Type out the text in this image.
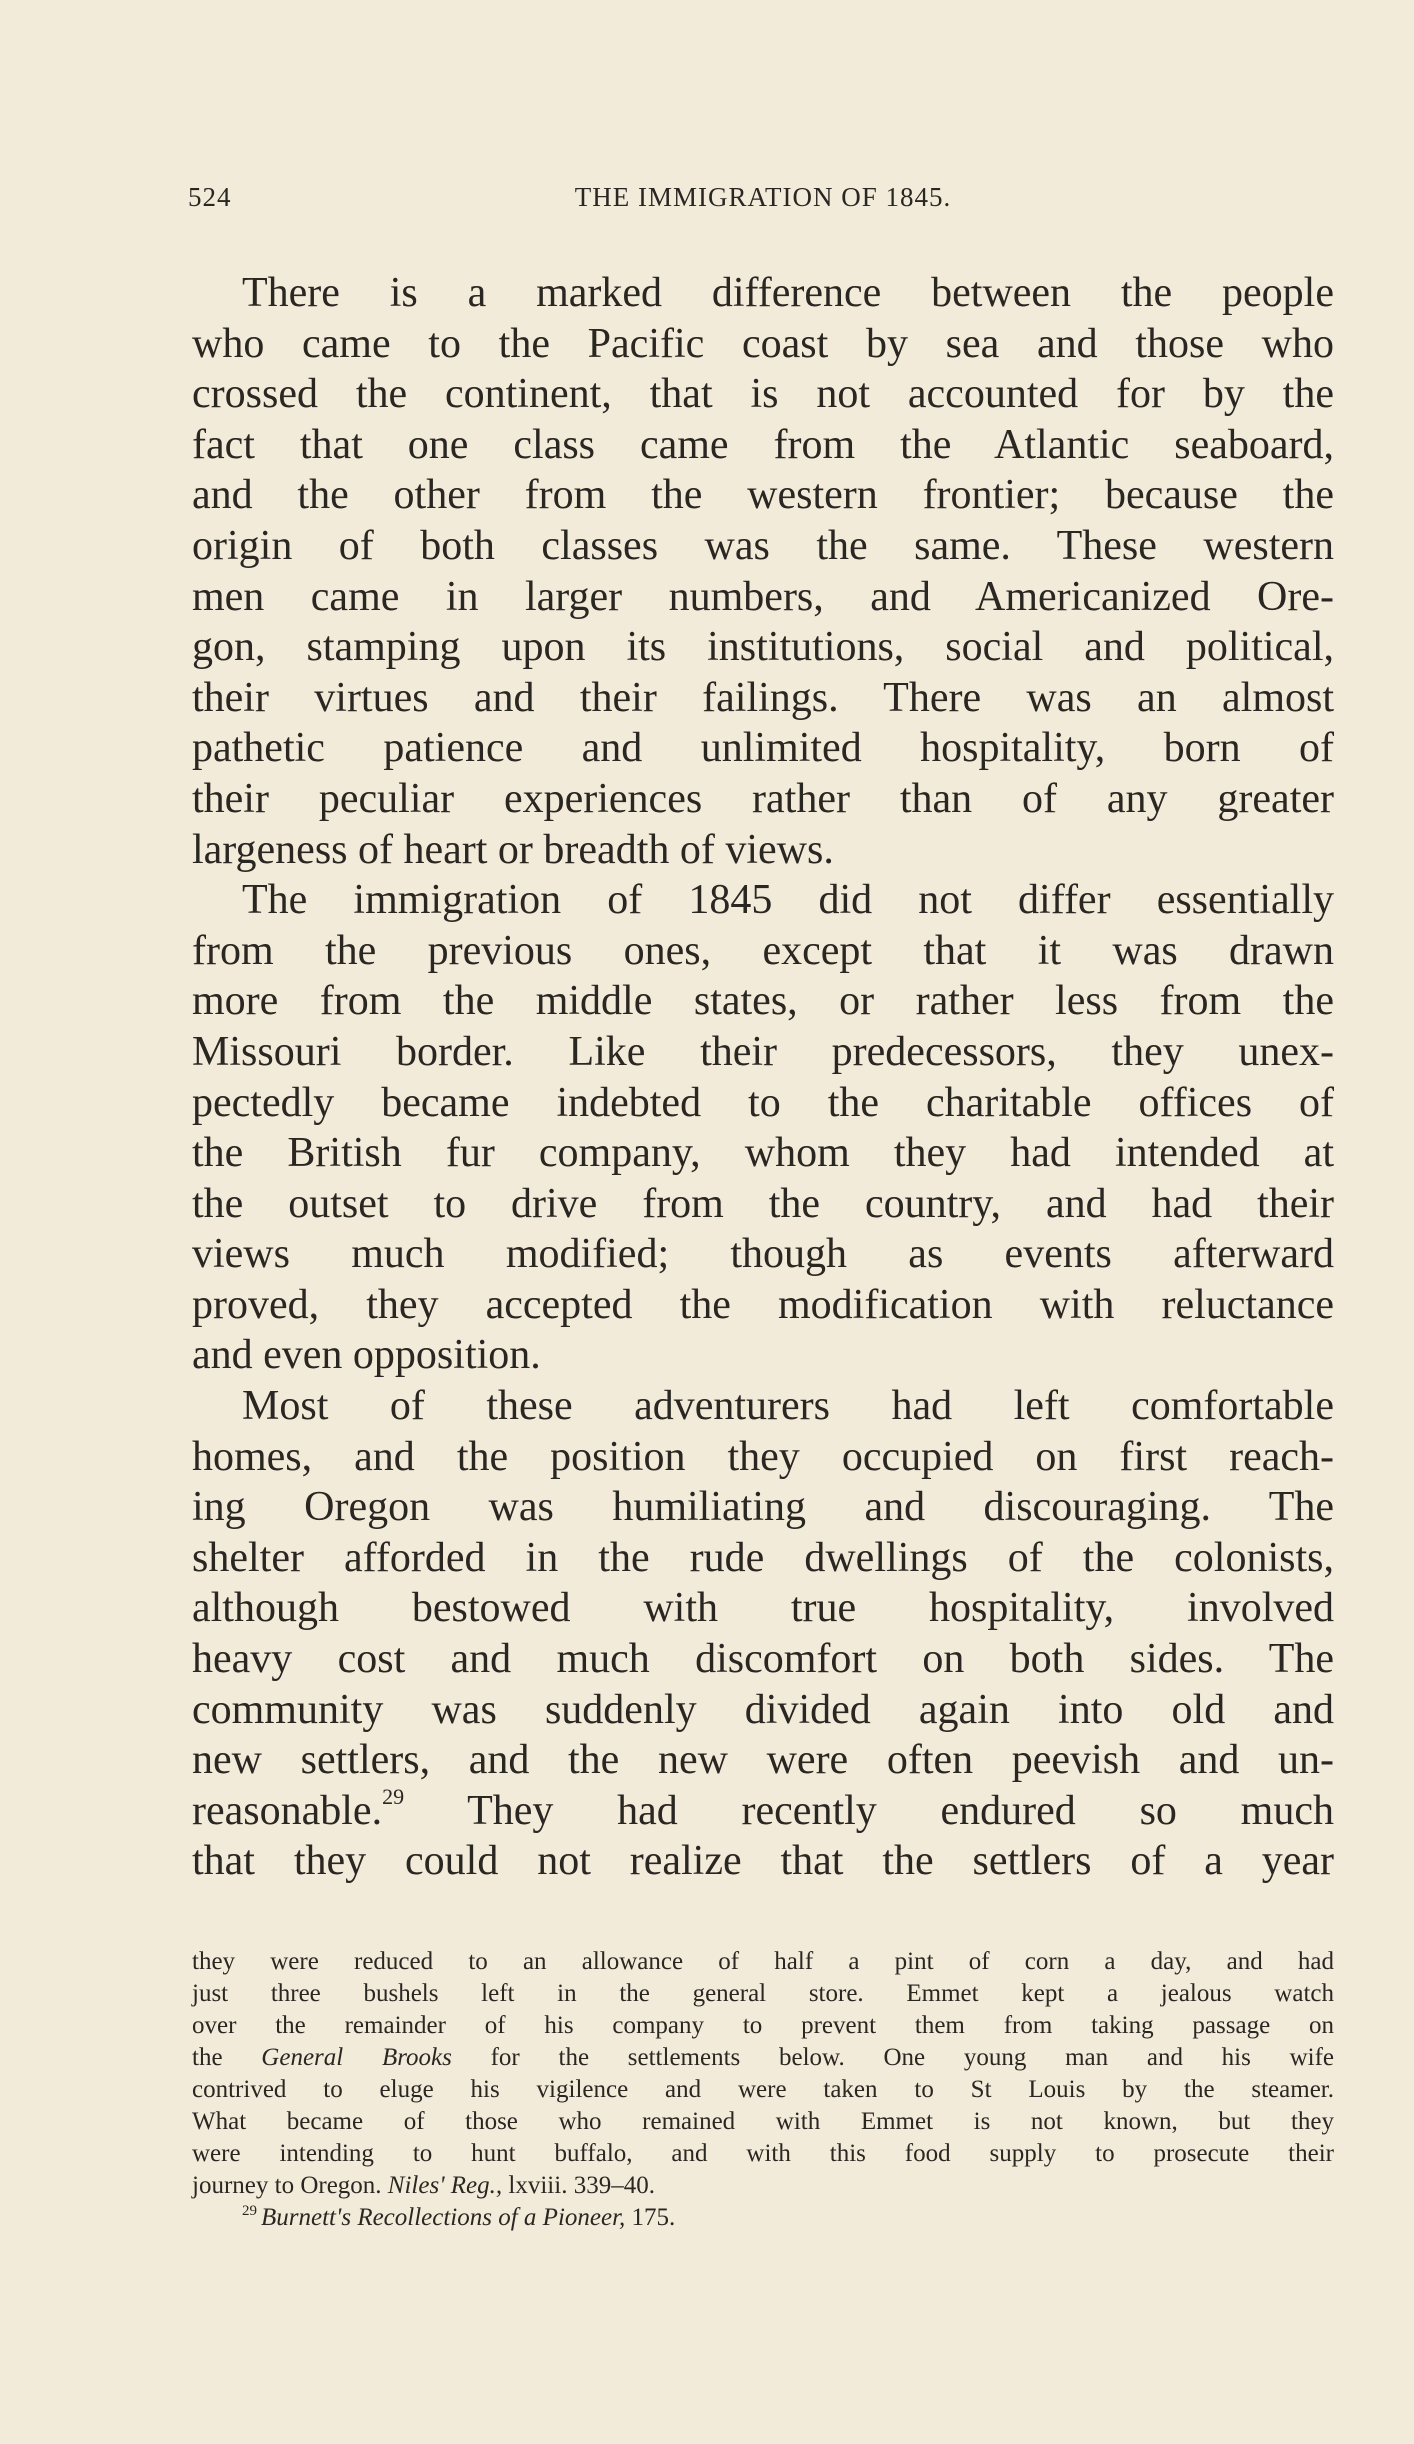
524	THE IMMIGRATION OF 1845.
There is a marked difference between the people
who came to the Pacific coast by sea and those who
crossed the continent, that is not accounted for by the
fact that one class came from the Atlantic seaboard,
and the other from the western frontier; because the
origin of both classes was the same. These western
men came in larger numbers, and Americanized Ore-
gon, stamping upon its institutions, social and political,
their virtues and their failings. There was an almost
pathetic patience and unlimited hospitality, born of
their peculiar experiences rather than of any greater
largeness of heart or breadth of views.
The immigration of 1845 did not differ essentially
from the previous ones, except that it was drawn
more from the middle states, or rather less from the
Missouri border. Like their predecessors, they unex-
pectedly became indebted to the charitable offices of
the British fur company, whom they had intended at
the outset to drive from the country, and had their
views much modified; though as events afterward
proved, they accepted the modification with reluctance
and even opposition.
Most of these adventurers had left comfortable
homes, and the position they occupied on first reach-
ing Oregon was humiliating and discouraging. The
shelter afforded in the rude dwellings of the colonists,
although bestowed with true hospitality, involved
heavy cost and much discomfort on both sides. The
community was suddenly divided again into old and
new settlers, and the new were often peevish and un-
reasonable.$^{29}$ They had recently endured so much
that they could not realize that the settlers of a year
they were reduced to an allowance of half a pint of corn a day, and had
just three bushels left in the general store. Emmet kept a jealous watch
over the remainder of his company to prevent them from taking passage on
the General Brooks for the settlements below. One young man and his wife
contrived to eluge his vigilence and were taken to St Louis by the steamer.
What became of those who remained with Emmet is not known, but they
were intending to hunt buffalo, and with this food supply to prosecute their
journey to Oregon. Niles' Reg., lxviii. 339–40.
$^{29}$ Burnett's Recollections of a Pioneer, 175.
